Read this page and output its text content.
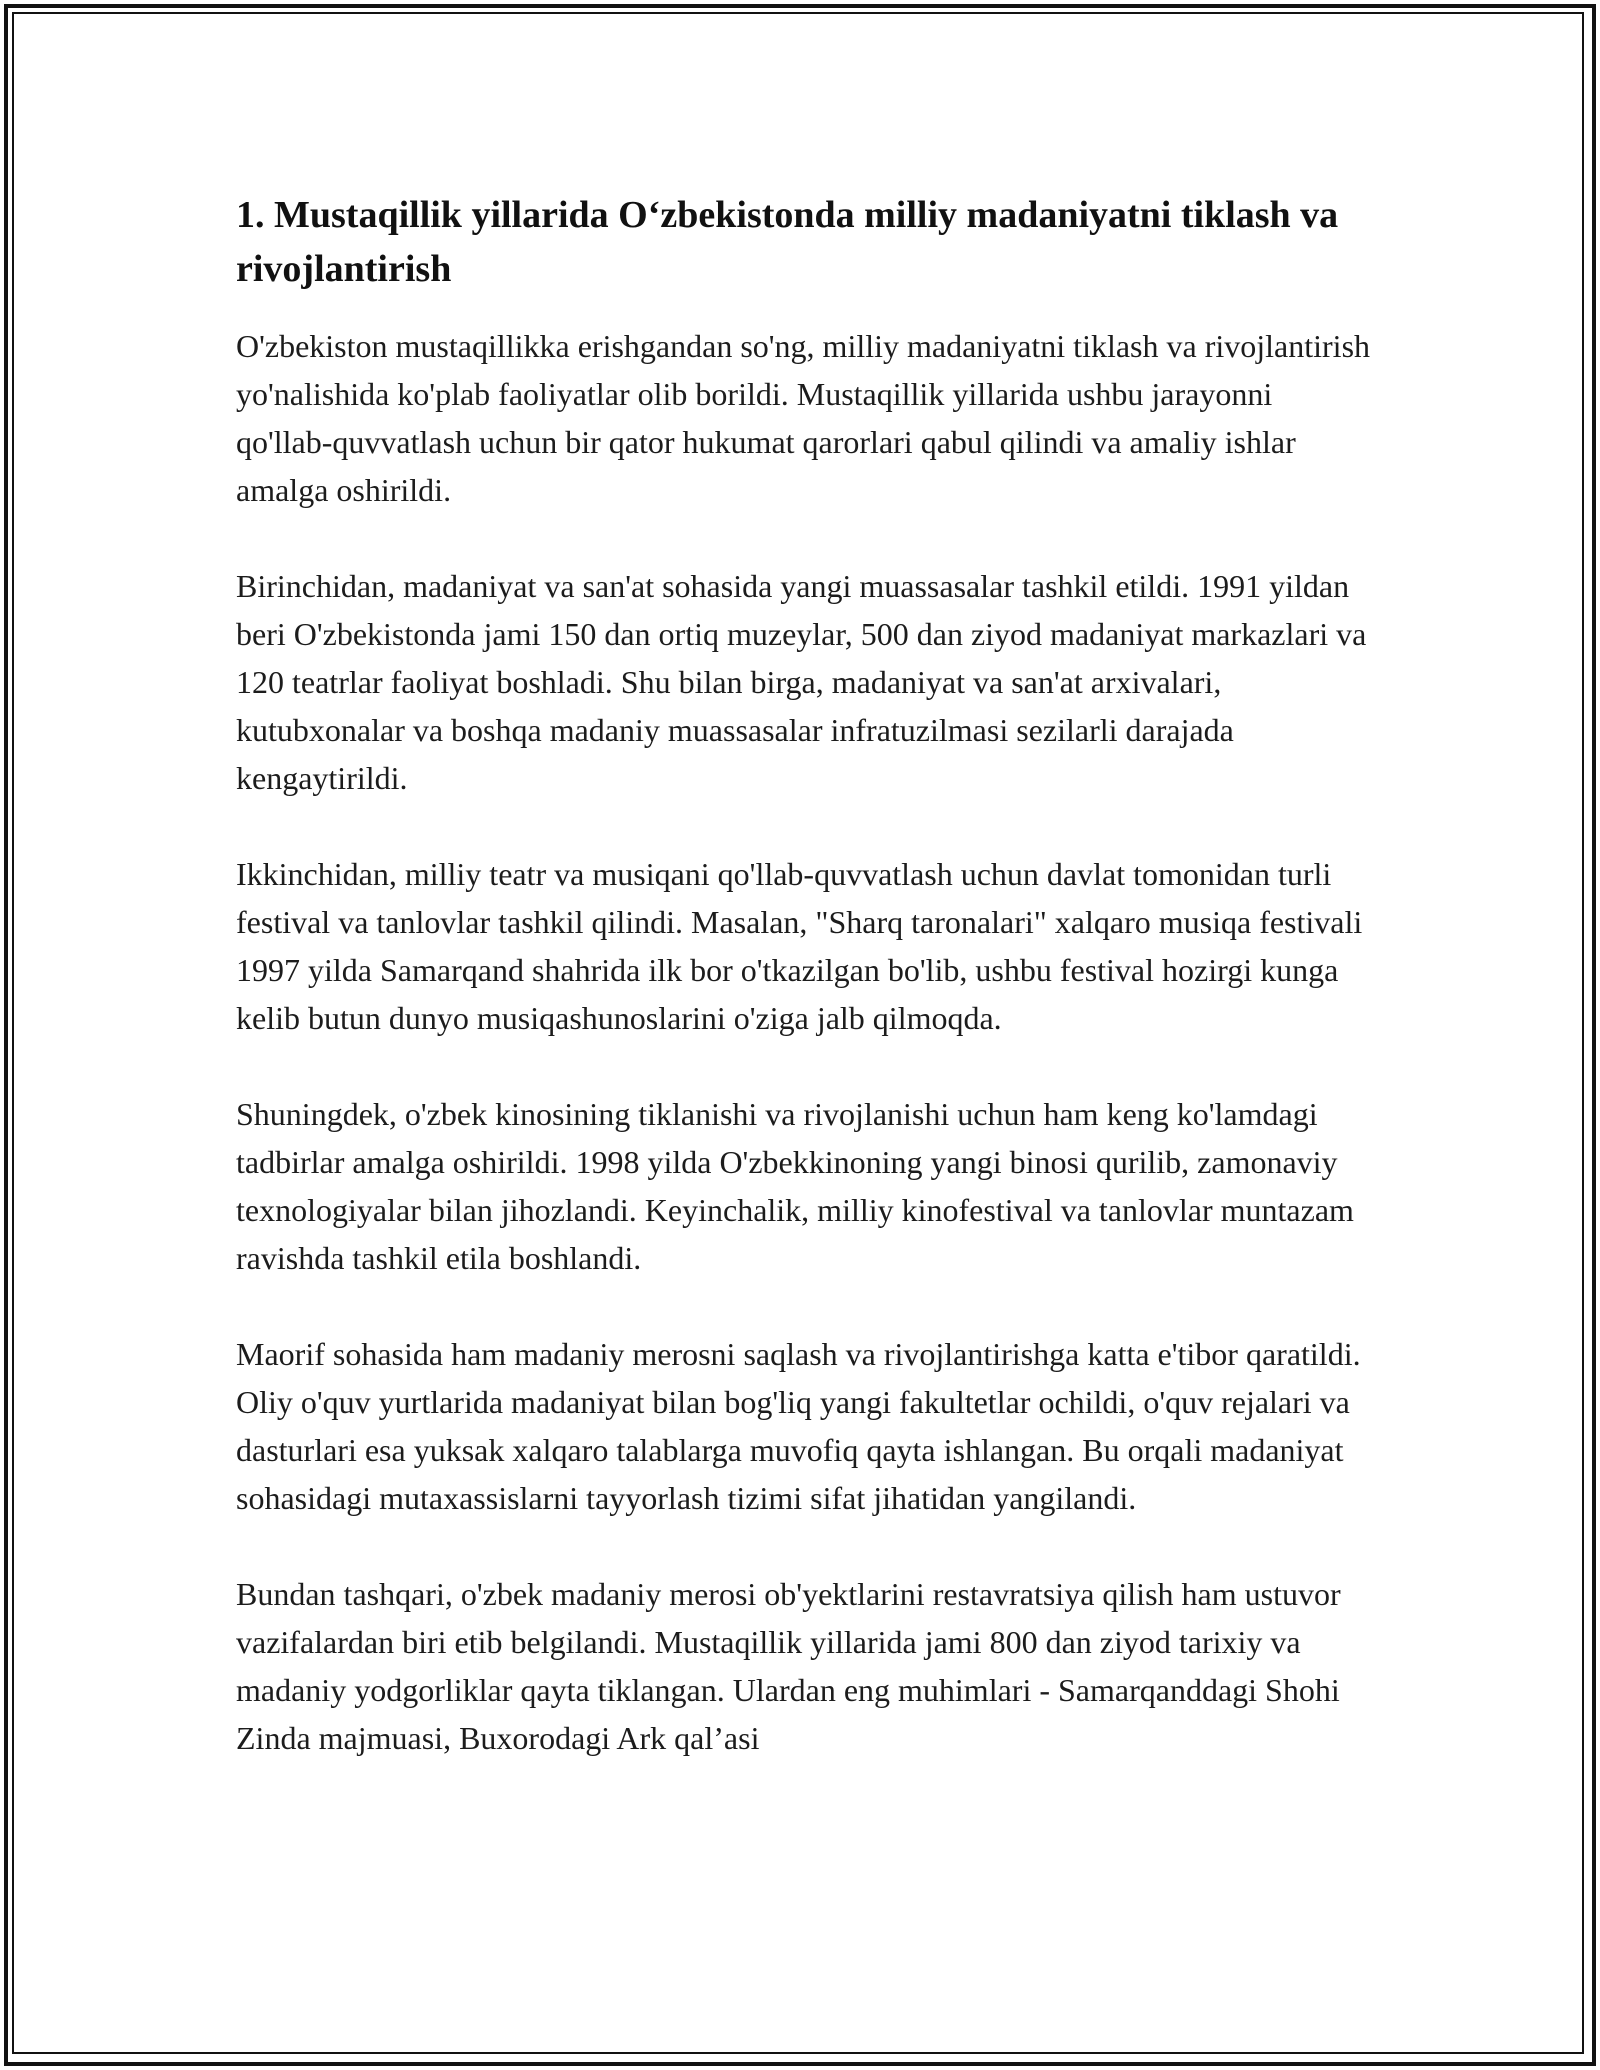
1. Mustaqillik yillarida O‘zbekistonda milliy madaniyatni tiklash va rivojlantirish

O'zbekiston mustaqillikka erishgandan so'ng, milliy madaniyatni tiklash va rivojlantirish yo'nalishida ko'plab faoliyatlar olib borildi. Mustaqillik yillarida ushbu jarayonni qo'llab-quvvatlash uchun bir qator hukumat qarorlari qabul qilindi va amaliy ishlar amalga oshirildi.

Birinchidan, madaniyat va san'at sohasida yangi muassasalar tashkil etildi. 1991 yildan beri O'zbekistonda jami 150 dan ortiq muzeylar, 500 dan ziyod madaniyat markazlari va 120 teatrlar faoliyat boshladi. Shu bilan birga, madaniyat va san'at arxivalari, kutubxonalar va boshqa madaniy muassasalar infratuzilmasi sezilarli darajada kengaytirildi.

Ikkinchidan, milliy teatr va musiqani qo'llab-quvvatlash uchun davlat tomonidan turli festival va tanlovlar tashkil qilindi. Masalan, "Sharq taronalari" xalqaro musiqa festivali 1997 yilda Samarqand shahrida ilk bor o'tkazilgan bo'lib, ushbu festival hozirgi kunga kelib butun dunyo musiqashunoslarini o'ziga jalb qilmoqda.

Shuningdek, o'zbek kinosining tiklanishi va rivojlanishi uchun ham keng ko'lamdagi tadbirlar amalga oshirildi. 1998 yilda O'zbekkinoning yangi binosi qurilib, zamonaviy texnologiyalar bilan jihozlandi. Keyinchalik, milliy kinofestival va tanlovlar muntazam ravishda tashkil etila boshlandi.

Maorif sohasida ham madaniy merosni saqlash va rivojlantirishga katta e'tibor qaratildi. Oliy o'quv yurtlarida madaniyat bilan bog'liq yangi fakultetlar ochildi, o'quv rejalari va dasturlari esa yuksak xalqaro talablarga muvofiq qayta ishlangan. Bu orqali madaniyat sohasidagi mutaxassislarni tayyorlash tizimi sifat jihatidan yangilandi.

Bundan tashqari, o'zbek madaniy merosi ob'yektlarini restavratsiya qilish ham ustuvor vazifalardan biri etib belgilandi. Mustaqillik yillarida jami 800 dan ziyod tarixiy va madaniy yodgorliklar qayta tiklangan. Ulardan eng muhimlari - Samarqanddagi Shohi Zinda majmuasi, Buxorodagi Ark qal’asi
